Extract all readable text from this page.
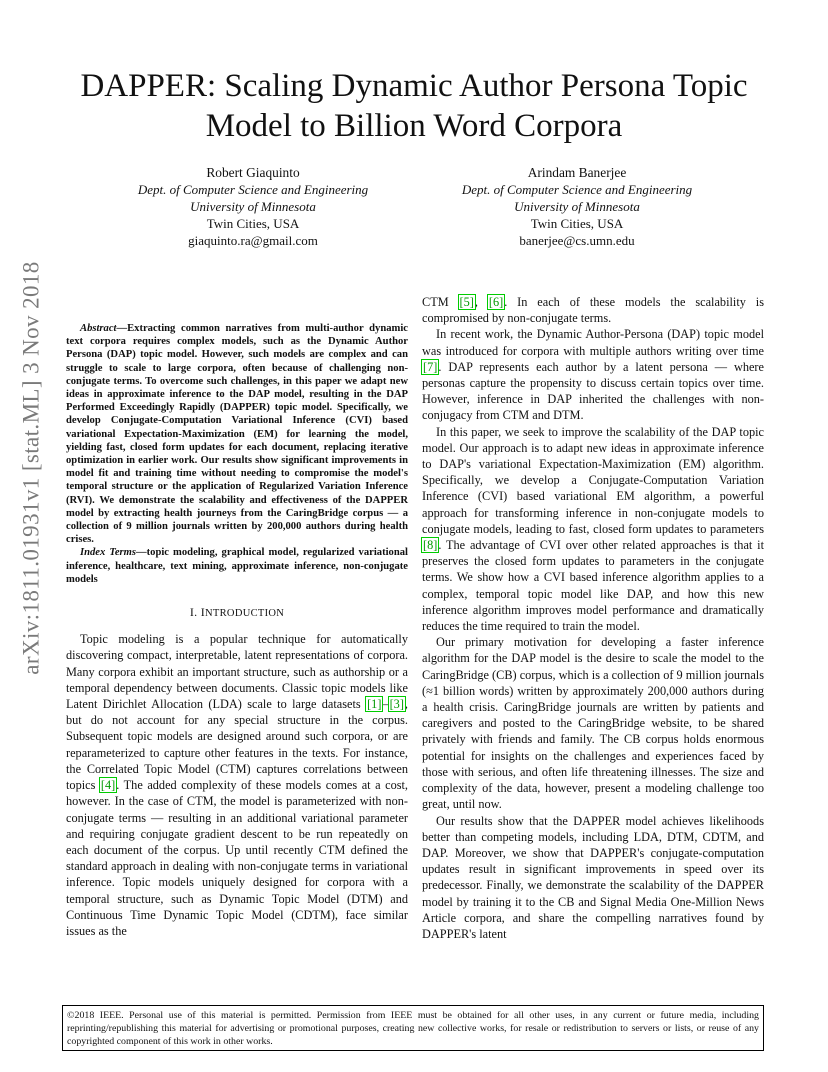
DAPPER: Scaling Dynamic Author Persona Topic
Model to Billion Word Corpora
Robert Giaquinto
Dept. of Computer Science and Engineering
University of Minnesota
Twin Cities, USA
giaquinto.ra@gmail.com
Arindam Banerjee
Dept. of Computer Science and Engineering
University of Minnesota
Twin Cities, USA
banerjee@cs.umn.edu
arXiv:1811.01931v1 [stat.ML] 3 Nov 2018	Abstract—Extracting common narratives from multi-author dynamic text corpora requires complex models, such as the Dynamic Author Persona (DAP) topic model. However, such models are complex and can struggle to scale to large corpora, often because of challenging non-conjugate terms. To overcome such challenges, in this paper we adapt new ideas in approximate inference to the DAP model, resulting in the DAP Performed Exceedingly Rapidly (DAPPER) topic model. Specifically, we develop Conjugate-Computation Variational Inference (CVI) based variational Expectation-Maximization (EM) for learning the model, yielding fast, closed form updates for each document, replacing iterative optimization in earlier work. Our results show significant improvements in model fit and training time without needing to compromise the model's temporal structure or the application of Regularized Variation Inference (RVI). We demonstrate the scalability and effectiveness of the DAPPER model by extracting health journeys from the CaringBridge corpus — a collection of 9 million journals written by 200,000 authors during health crises.
Index Terms—topic modeling, graphical model, regularized variational inference, healthcare, text mining, approximate inference, non-conjugate models
I. INTRODUCTION

Topic modeling is a popular technique for automatically discovering compact, interpretable, latent representations of corpora. Many corpora exhibit an important structure, such as authorship or a temporal dependency between documents. Classic topic models like Latent Dirichlet Allocation (LDA) scale to large datasets [1]–[3], but do not account for any special structure in the corpus. Subsequent topic models are designed around such corpora, or are reparameterized to capture other features in the texts. For instance, the Correlated Topic Model (CTM) captures correlations between topics [4]. The added complexity of these models comes at a cost, however. In the case of CTM, the model is parameterized with non-conjugate terms — resulting in an additional variational parameter and requiring conjugate gradient descent to be run repeatedly on each document of the corpus. Up until recently CTM defined the standard approach in dealing with non-conjugate terms in variational inference. Topic models uniquely designed for corpora with a temporal structure, such as Dynamic Topic Model (DTM) and Continuous Time Dynamic Topic Model (CDTM), face similar issues as the

CTM [5], [6]. In each of these models the scalability is compromised by non-conjugate terms.

In recent work, the Dynamic Author-Persona (DAP) topic model was introduced for corpora with multiple authors writing over time [7]. DAP represents each author by a latent persona — where personas capture the propensity to discuss certain topics over time. However, inference in DAP inherited the challenges with non-conjugacy from CTM and DTM.

In this paper, we seek to improve the scalability of the DAP topic model. Our approach is to adapt new ideas in approximate inference to DAP's variational Expectation-Maximization (EM) algorithm. Specifically, we develop a Conjugate-Computation Variation Inference (CVI) based variational EM algorithm, a powerful approach for transforming inference in non-conjugate models to conjugate models, leading to fast, closed form updates to parameters [8]. The advantage of CVI over other related approaches is that it preserves the closed form updates to parameters in the conjugate terms. We show how a CVI based inference algorithm applies to a complex, temporal topic model like DAP, and how this new inference algorithm improves model performance and dramatically reduces the time required to train the model.

Our primary motivation for developing a faster inference algorithm for the DAP model is the desire to scale the model to the CaringBridge (CB) corpus, which is a collection of 9 million journals (≈1 billion words) written by approximately 200,000 authors during a health crisis. CaringBridge journals are written by patients and caregivers and posted to the CaringBridge website, to be shared privately with friends and family. The CB corpus holds enormous potential for insights on the challenges and experiences faced by those with serious, and often life threatening illnesses. The size and complexity of the data, however, present a modeling challenge too great, until now.

Our results show that the DAPPER model achieves likelihoods better than competing models, including LDA, DTM, CDTM, and DAP. Moreover, we show that DAPPER's conjugate-computation updates result in significant improvements in speed over its predecessor. Finally, we demonstrate the scalability of the DAPPER model by training it to the CB and Signal Media One-Million News Article corpora, and share the compelling narratives found by DAPPER's latent

©2018 IEEE. Personal use of this material is permitted. Permission from IEEE must be obtained for all other uses, in any current or future media, including reprinting/republishing this material for advertising or promotional purposes, creating new collective works, for resale or redistribution to servers or lists, or reuse of any copyrighted component of this work in other works.
